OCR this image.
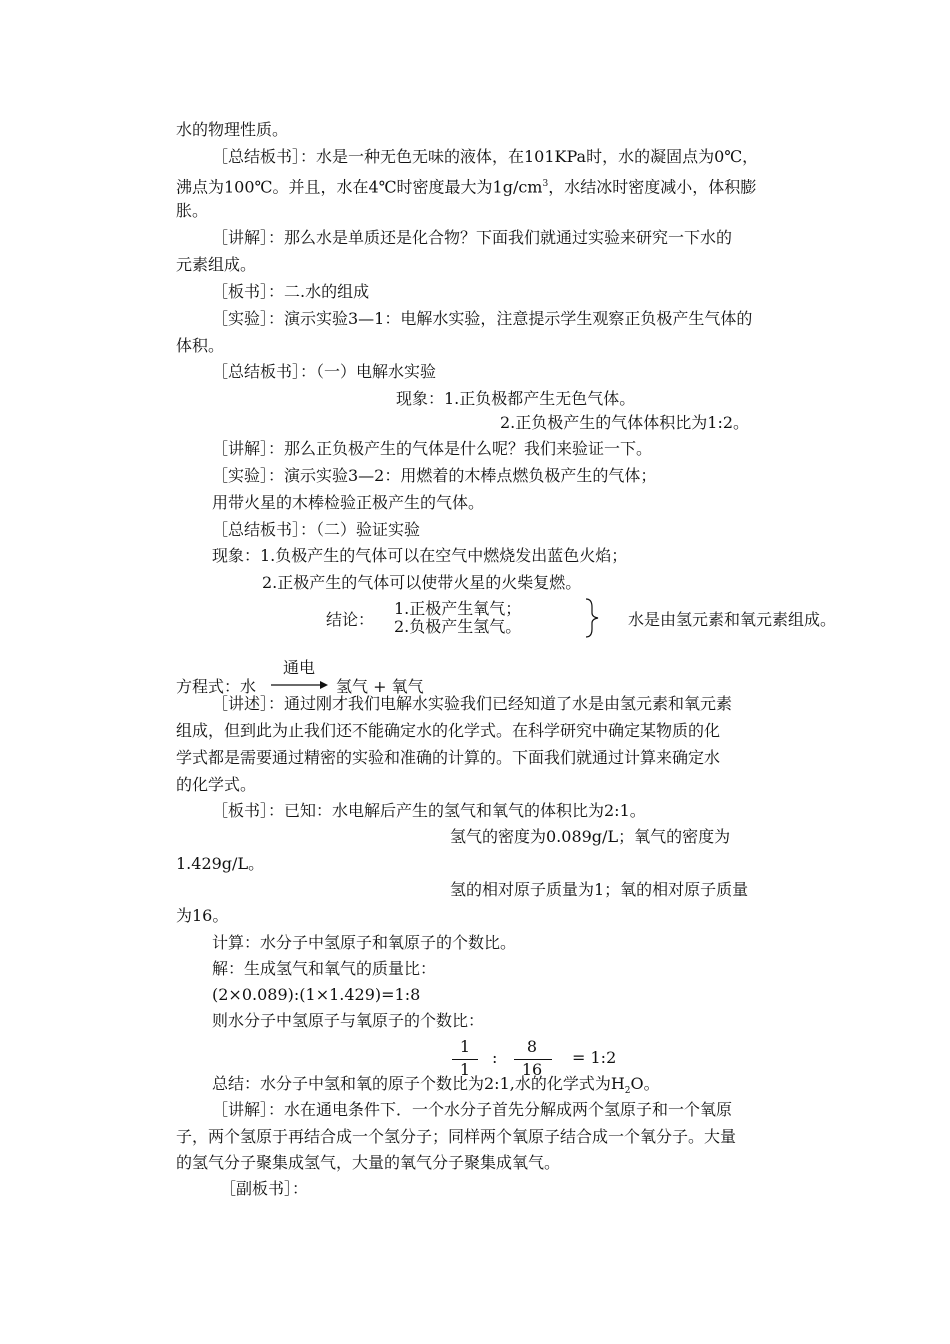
水的物理性质。
［总结板书］：水是一种无色无味的液体，在101KPa时，水的凝固点为0℃，
沸点为100℃。并且，水在4℃时密度最大为$1g/cm^3$，水结冰时密度减小，体积膨
胀。
［讲解］：那么水是单质还是化合物？下面我们就通过实验来研究一下水的
元素组成。
［板书］：二.水的组成
［实验］：演示实验3—1：电解水实验，注意提示学生观察正负极产生气体的
体积。
［总结板书］：（一）电解水实验
现象：1.正负极都产生无色气体。
2.正负极产生的气体体积比为1:2。
［讲解］：那么正负极产生的气体是什么呢？我们来验证一下。
［实验］：演示实验3—2：用燃着的木棒点燃负极产生的气体；
用带火星的木棒检验正极产生的气体。
［总结板书］：（二）验证实验
现象：1.负极产生的气体可以在空气中燃烧发出蓝色火焰；
2.正极产生的气体可以使带火星的火柴复燃。
结论：
1.正极产生氧气；
2.负极产生氢气。	水是由氢元素和氧元素组成。
通电
方程式：水 → 氢气 + 氧气
［讲述］：通过刚才我们电解水实验我们已经知道了水是由氢元素和氧元素
组成，但到此为止我们还不能确定水的化学式。在科学研究中确定某物质的化
学式都是需要通过精密的实验和准确的计算的。下面我们就通过计算来确定水
的化学式。
［板书］：已知：水电解后产生的氢气和氧气的体积比为2:1。
氢气的密度为0.089g/L；氧气的密度为
1.429g/L。
氢的相对原子质量为1；氧的相对原子质量
为16。
计算：水分子中氢原子和氧原子的个数比。
解：生成氢气和氧气的质量比：
(2×0.089):(1×1.429)=1:8
则水分子中氢原子与氧原子的个数比：
1
1
:
8
16
= 1:2
总结：水分子中氢和氧的原子个数比为2:1,水的化学式为$H_2O$。
［讲解］：水在通电条件下．一个水分子首先分解成两个氢原子和一个氧原
子，两个氢原于再结合成一个氢分子；同样两个氧原子结合成一个氧分子。大量
的氢气分子聚集成氢气，大量的氧气分子聚集成氧气。
［副板书］：
